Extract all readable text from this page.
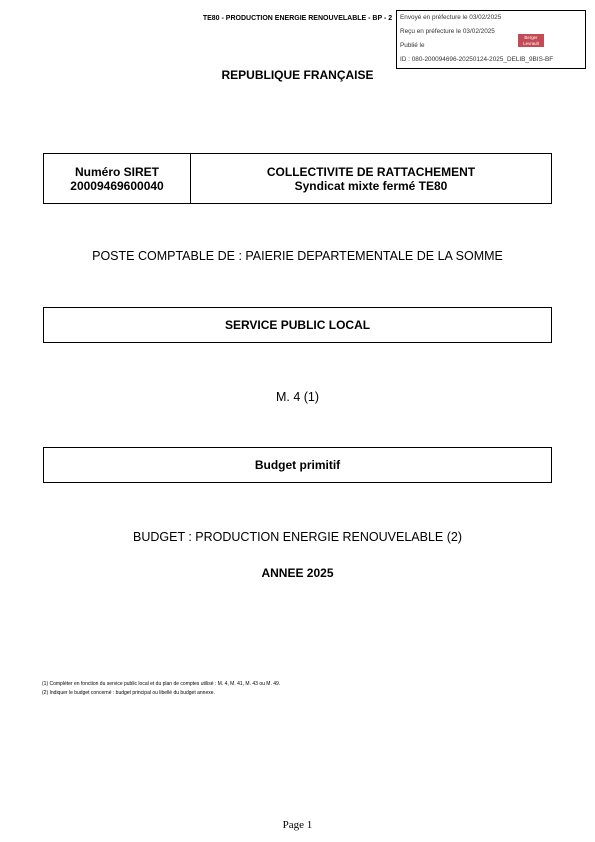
TE80 - PRODUCTION ENERGIE RENOUVELABLE - BP - 2	Envoyé en préfecture le 03/02/2025
Reçu en préfecture le 03/02/2025
Publié le
ID : 080-200094696-20250124-2025_DELIB_9BIS-BF
Berger
Levrault
REPUBLIQUE FRANÇAISE
Numéro SIRET
20009469600040
COLLECTIVITE DE RATTACHEMENT
Syndicat mixte fermé TE80
POSTE COMPTABLE DE : PAIERIE DEPARTEMENTALE DE LA SOMME
SERVICE PUBLIC LOCAL
M. 4 (1)
Budget primitif
BUDGET : PRODUCTION ENERGIE RENOUVELABLE (2)
ANNEE 2025
(1) Compléter en fonction du service public local et du plan de comptes utilisé : M. 4, M. 41, M. 43 ou M. 49.
(2) Indiquer le budget concerné : budget principal ou libellé du budget annexe.
Page 1
